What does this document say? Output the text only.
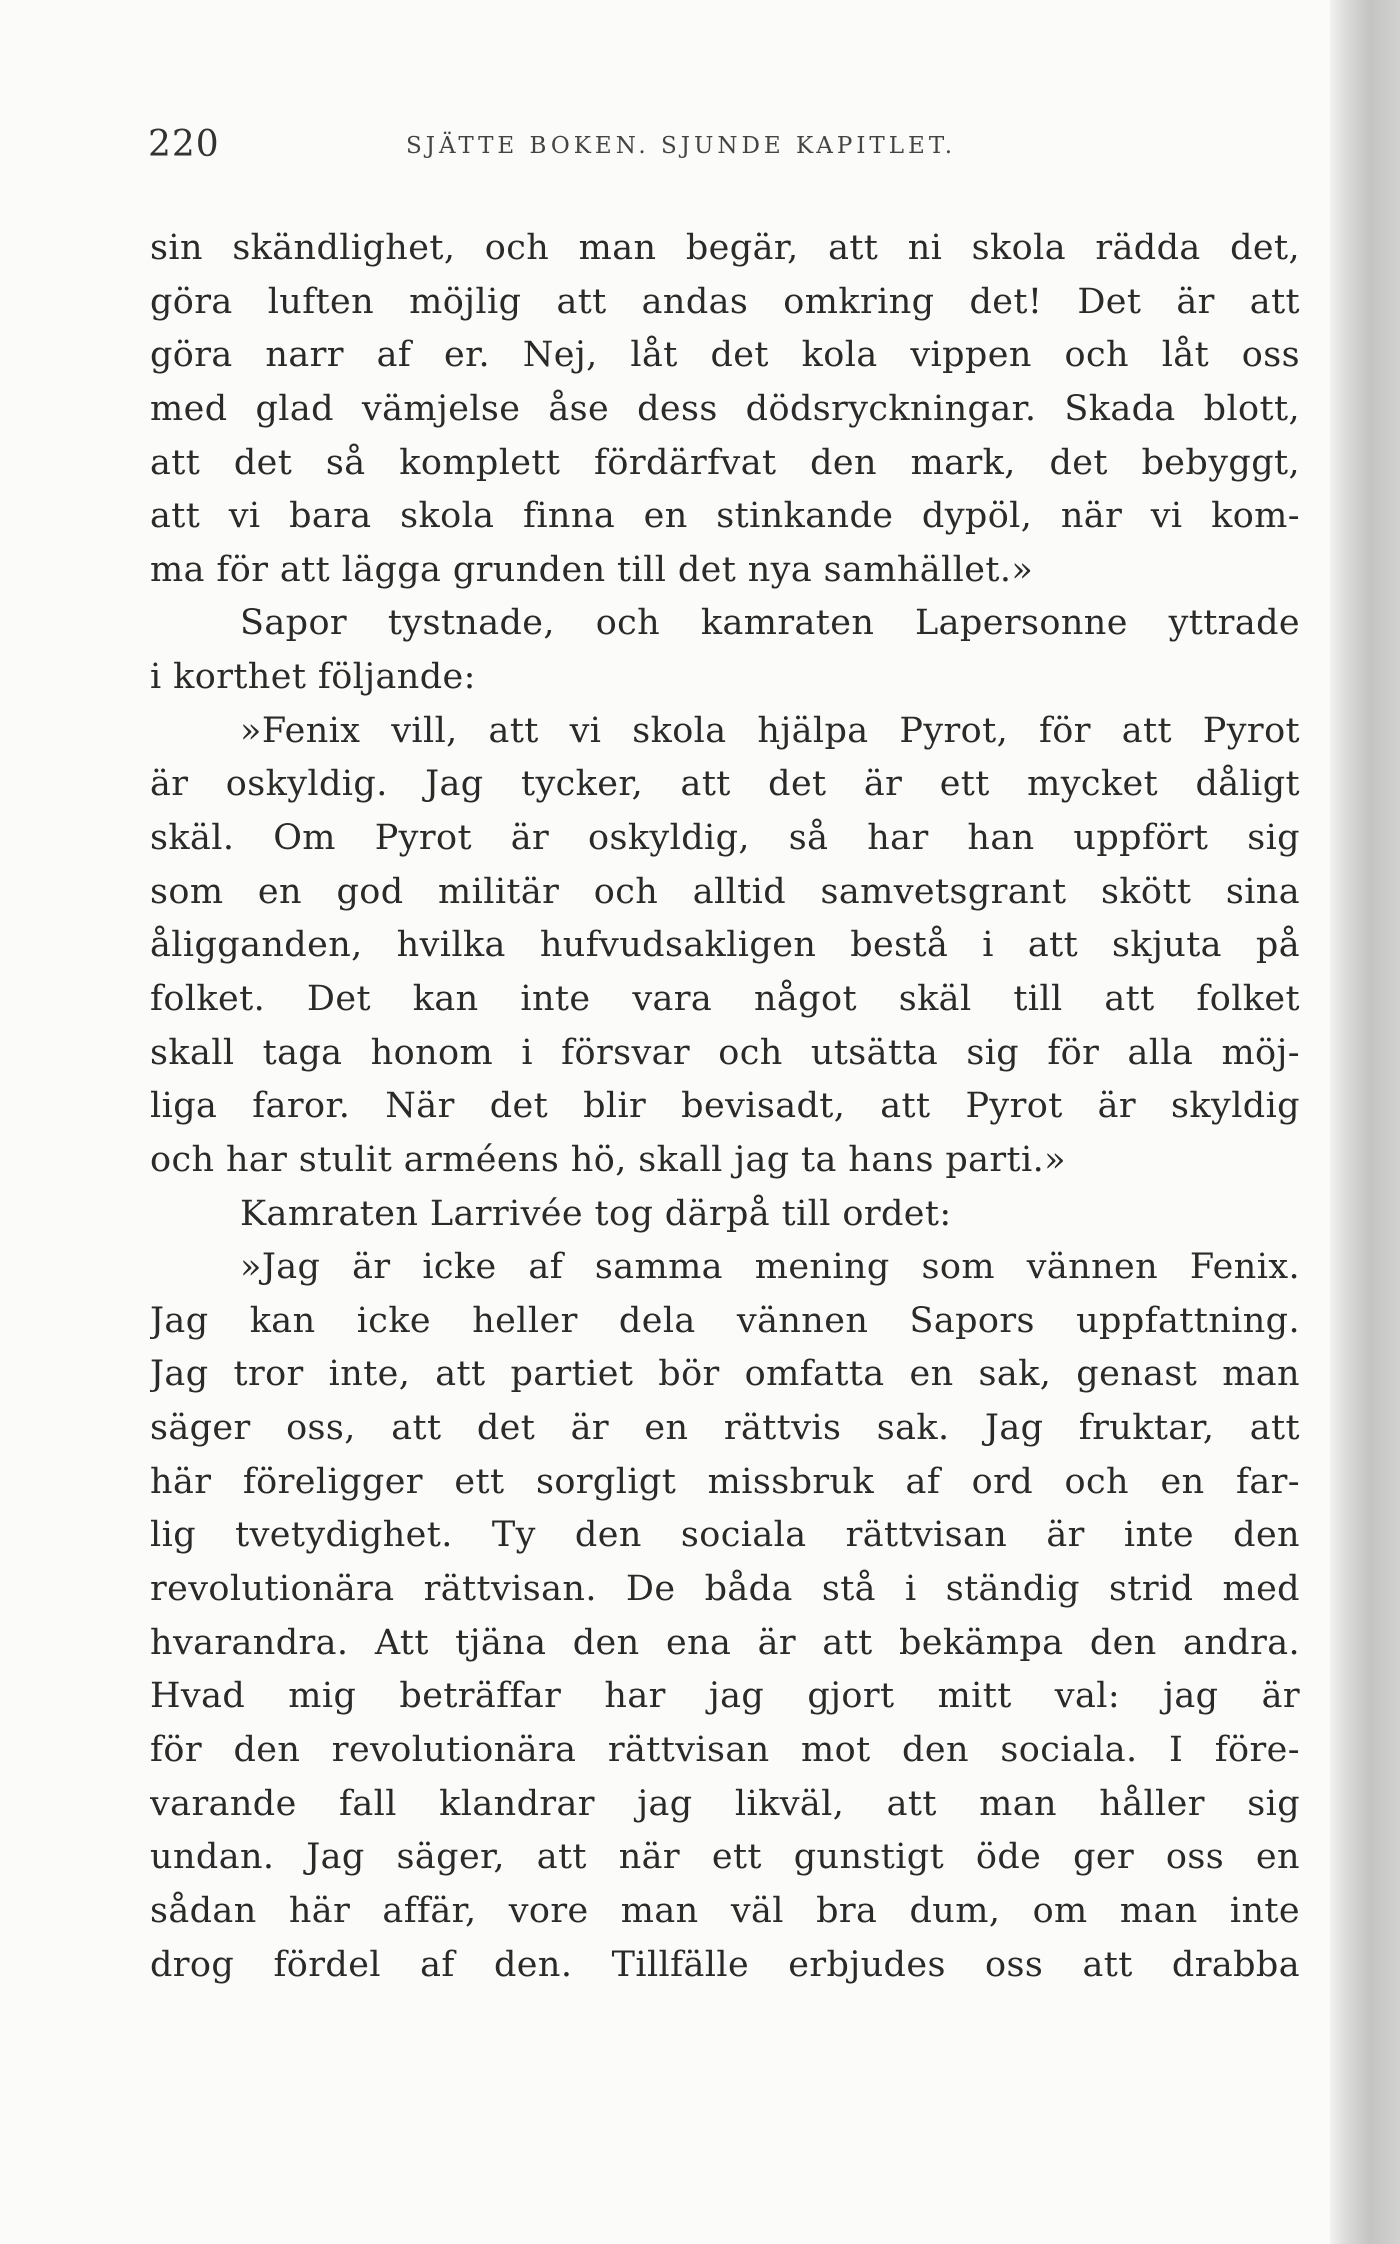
220	SJÄTTE BOKEN. SJUNDE KAPITLET.
sin skändlighet, och man begär, att ni skola rädda det,
göra luften möjlig att andas omkring det! Det är att
göra narr af er. Nej, låt det kola vippen och låt oss
med glad vämjelse åse dess dödsryckningar. Skada blott,
att det så komplett fördärfvat den mark, det bebyggt,
att vi bara skola finna en stinkande dypöl, när vi kom-
ma för att lägga grunden till det nya samhället.»
Sapor tystnade, och kamraten Lapersonne yttrade
i korthet följande:
»Fenix vill, att vi skola hjälpa Pyrot, för att Pyrot
är oskyldig. Jag tycker, att det är ett mycket dåligt
skäl. Om Pyrot är oskyldig, så har han uppfört sig
som en god militär och alltid samvetsgrant skött sina
åligganden, hvilka hufvudsakligen bestå i att skjuta på
folket. Det kan inte vara något skäl till att folket
skall taga honom i försvar och utsätta sig för alla möj-
liga faror. När det blir bevisadt, att Pyrot är skyldig
och har stulit arméens hö, skall jag ta hans parti.»
Kamraten Larrivée tog därpå till ordet:
»Jag är icke af samma mening som vännen Fenix.
Jag kan icke heller dela vännen Sapors uppfattning.
Jag tror inte, att partiet bör omfatta en sak, genast man
säger oss, att det är en rättvis sak. Jag fruktar, att
här föreligger ett sorgligt missbruk af ord och en far-
lig tvetydighet. Ty den sociala rättvisan är inte den
revolutionära rättvisan. De båda stå i ständig strid med
hvarandra. Att tjäna den ena är att bekämpa den andra.
Hvad mig beträffar har jag gjort mitt val: jag är
för den revolutionära rättvisan mot den sociala. I före-
varande fall klandrar jag likväl, att man håller sig
undan. Jag säger, att när ett gunstigt öde ger oss en
sådan här affär, vore man väl bra dum, om man inte
drog fördel af den. Tillfälle erbjudes oss att drabba
